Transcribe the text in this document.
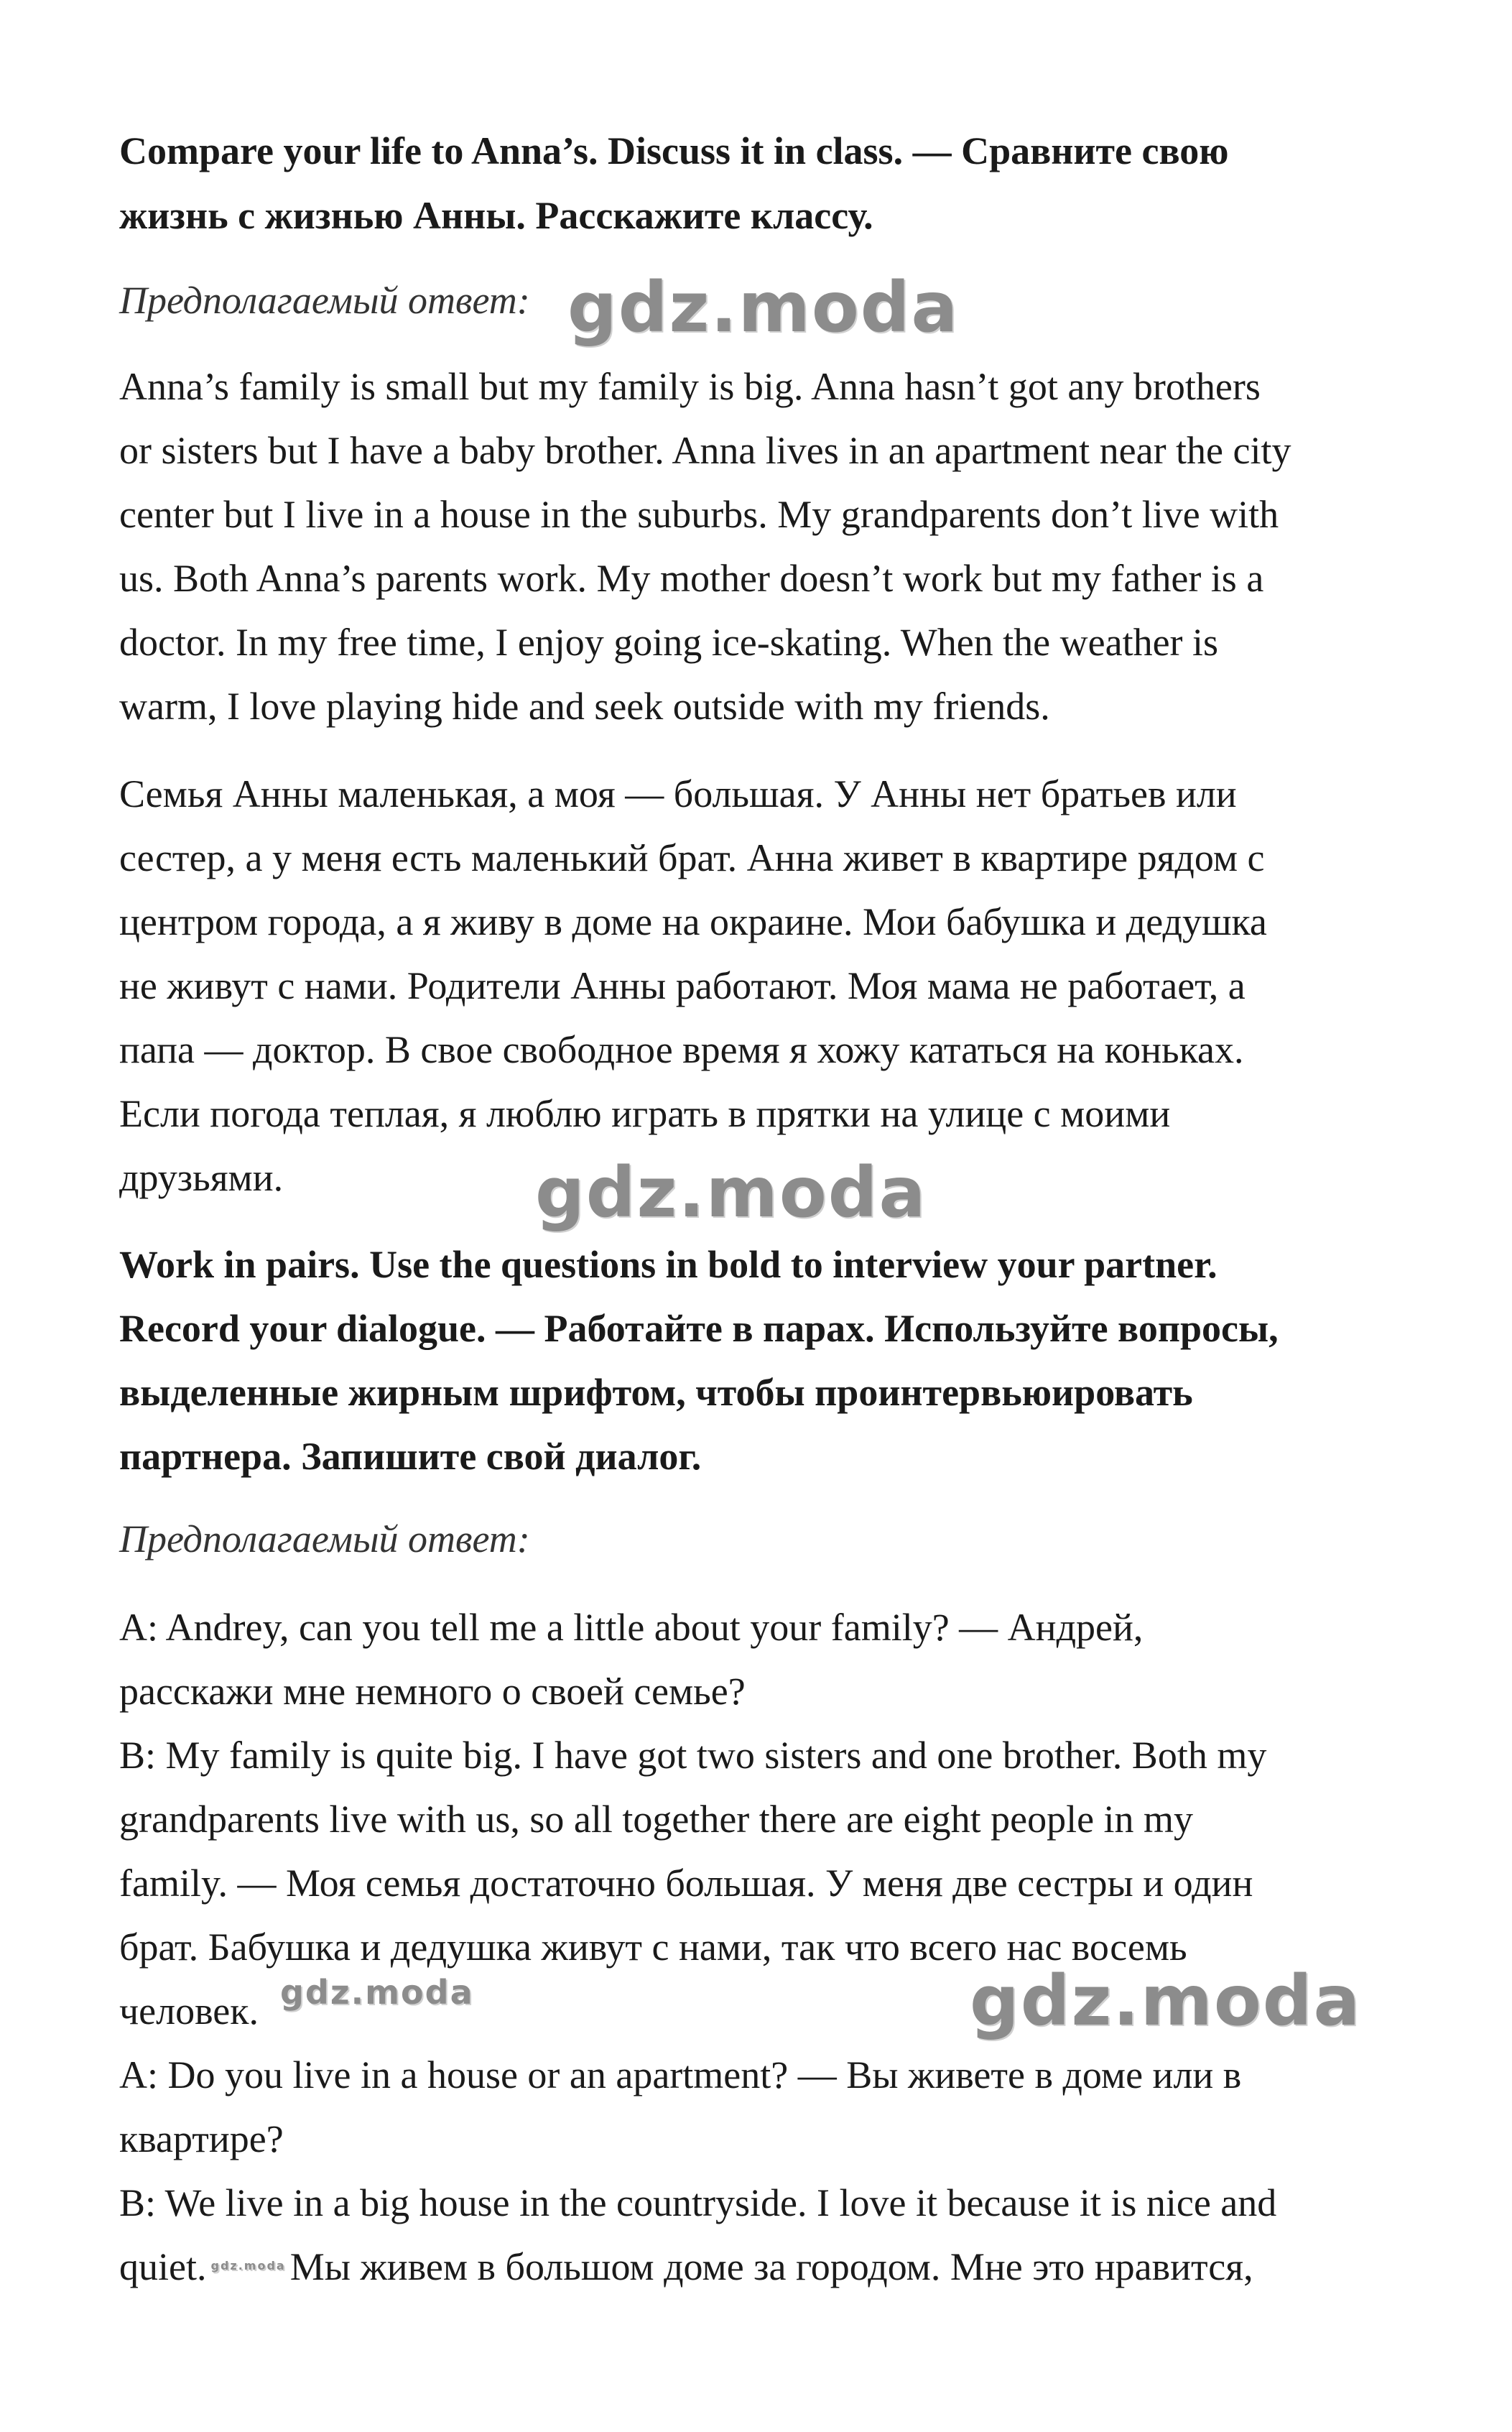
Compare your life to Anna’s. Discuss it in class. — Сравните свою
жизнь с жизнью Анны. Расскажите классу.
Предполагаемый ответ: gdz.moda
Anna’s family is small but my family is big. Anna hasn’t got any brothers
or sisters but I have a baby brother. Anna lives in an apartment near the city
center but I live in a house in the suburbs. My grandparents don’t live with
us. Both Anna’s parents work. My mother doesn’t work but my father is a
doctor. In my free time, I enjoy going ice-skating. When the weather is
warm, I love playing hide and seek outside with my friends.
Семья Анны маленькая, а моя — большая. У Анны нет братьев или
сестер, а у меня есть маленький брат. Анна живет в квартире рядом с
центром города, а я живу в доме на окраине. Мои бабушка и дедушка
не живут с нами. Родители Анны работают. Моя мама не работает, а
папа — доктор. В свое свободное время я хожу кататься на коньках.
Если погода теплая, я люблю играть в прятки на улице с моими
друзьями.	gdz.moda
Work in pairs. Use the questions in bold to interview your partner.
Record your dialogue. — Работайте в парах. Используйте вопросы,
выделенные жирным шрифтом, чтобы проинтервьюировать
партнера. Запишите свой диалог.
Предполагаемый ответ:
A: Andrey, can you tell me a little about your family? — Андрей,
расскажи мне немного о своей семье?
B: My family is quite big. I have got two sisters and one brother. Both my
grandparents live with us, so all together there are eight people in my
family. — Моя семья достаточно большая. У меня две сестры и один
брат. Бабушка и дедушка живут с нами, так что всего нас восемь
человек. gdz.moda	gdz.moda
A: Do you live in a house or an apartment? — Вы живете в доме или в
квартире?
B: We live in a big house in the countryside. I love it because it is nice and
quiet. $^{gdz.moda}$ Мы живем в большом доме за городом. Мне это нравится,
